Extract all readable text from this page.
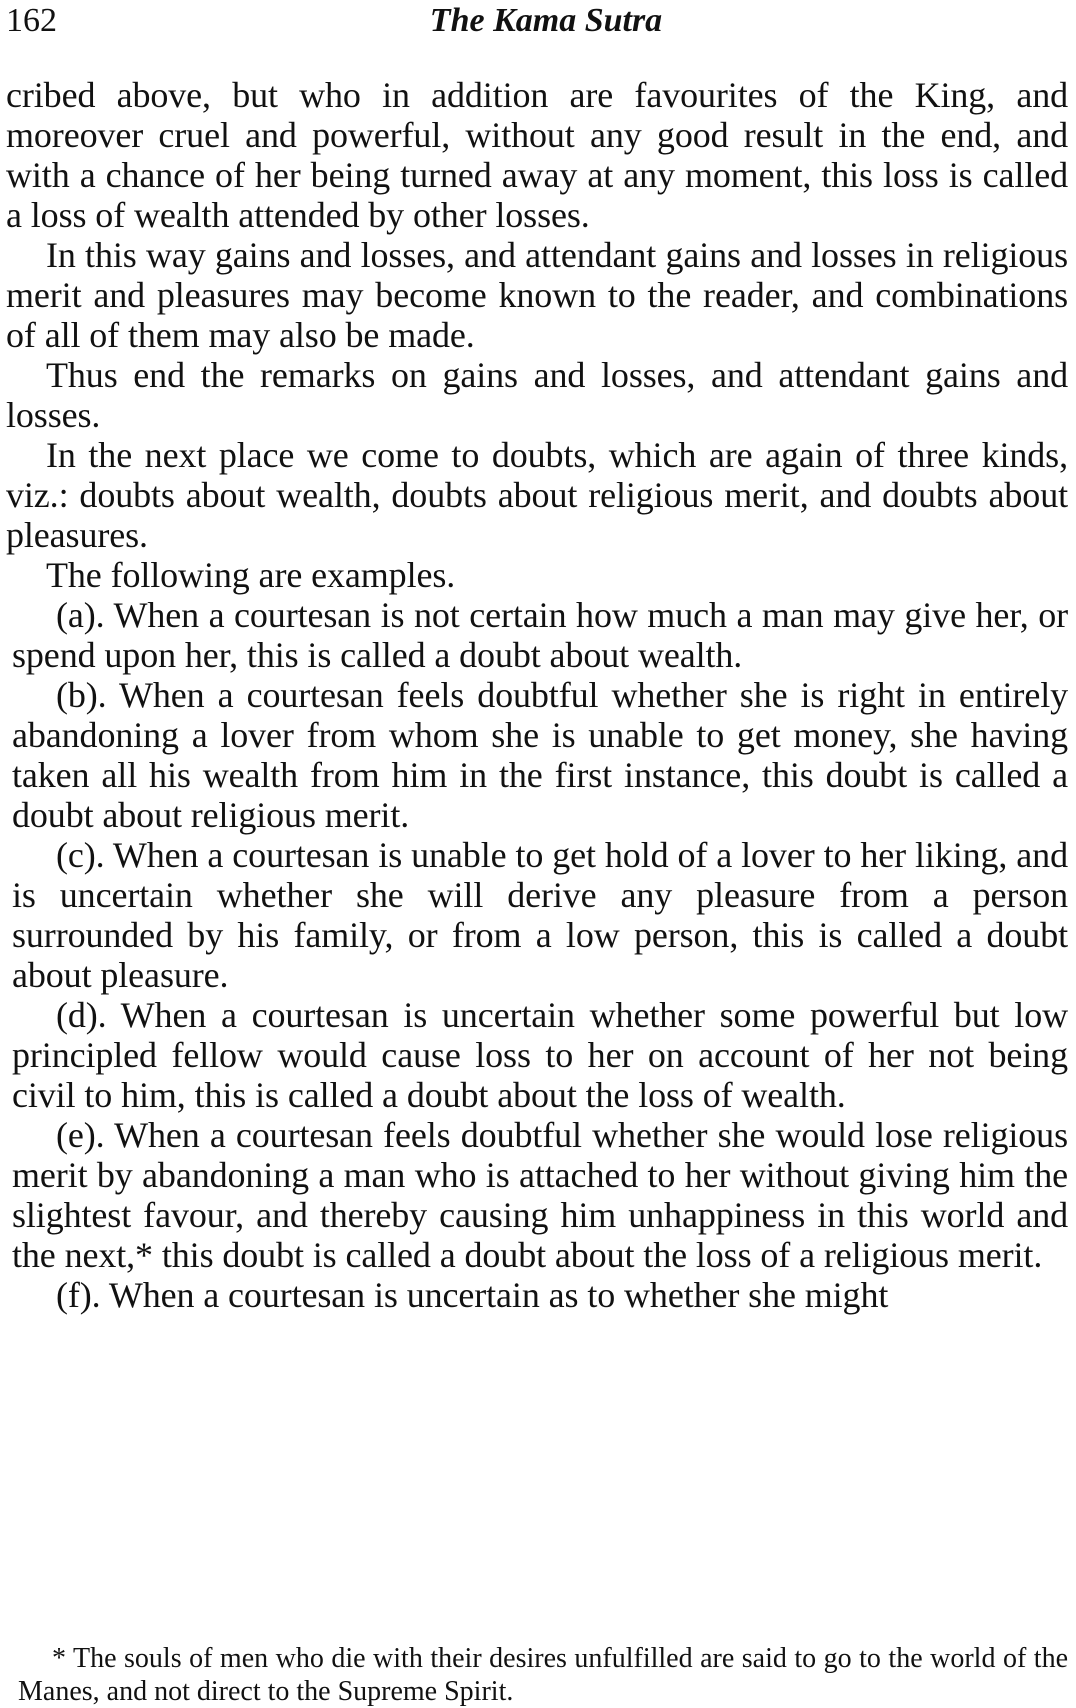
162	The Kama Sutra

cribed above, but who in addition are favourites of the King, and moreover cruel and powerful, without any good result in the end, and with a chance of her being turned away at any moment, this loss is called a loss of wealth attended by other losses.

In this way gains and losses, and attendant gains and losses in religious merit and pleasures may become known to the reader, and combinations of all of them may also be made.

Thus end the remarks on gains and losses, and attendant gains and losses.

In the next place we come to doubts, which are again of three kinds, viz.: doubts about wealth, doubts about religious merit, and doubts about pleasures.

The following are examples.

(a). When a courtesan is not certain how much a man may give her, or spend upon her, this is called a doubt about wealth.

(b). When a courtesan feels doubtful whether she is right in entirely abandoning a lover from whom she is unable to get money, she having taken all his wealth from him in the first instance, this doubt is called a doubt about religious merit.

(c). When a courtesan is unable to get hold of a lover to her liking, and is uncertain whether she will derive any pleasure from a person surrounded by his family, or from a low person, this is called a doubt about pleasure.

(d). When a courtesan is uncertain whether some powerful but low principled fellow would cause loss to her on account of her not being civil to him, this is called a doubt about the loss of wealth.

(e). When a courtesan feels doubtful whether she would lose religious merit by abandoning a man who is attached to her without giving him the slightest favour, and thereby causing him unhappiness in this world and the next,* this doubt is called a doubt about the loss of a religious merit.

(f). When a courtesan is uncertain as to whether she might

* The souls of men who die with their desires unfulfilled are said to go to the world of the Manes, and not direct to the Supreme Spirit.
